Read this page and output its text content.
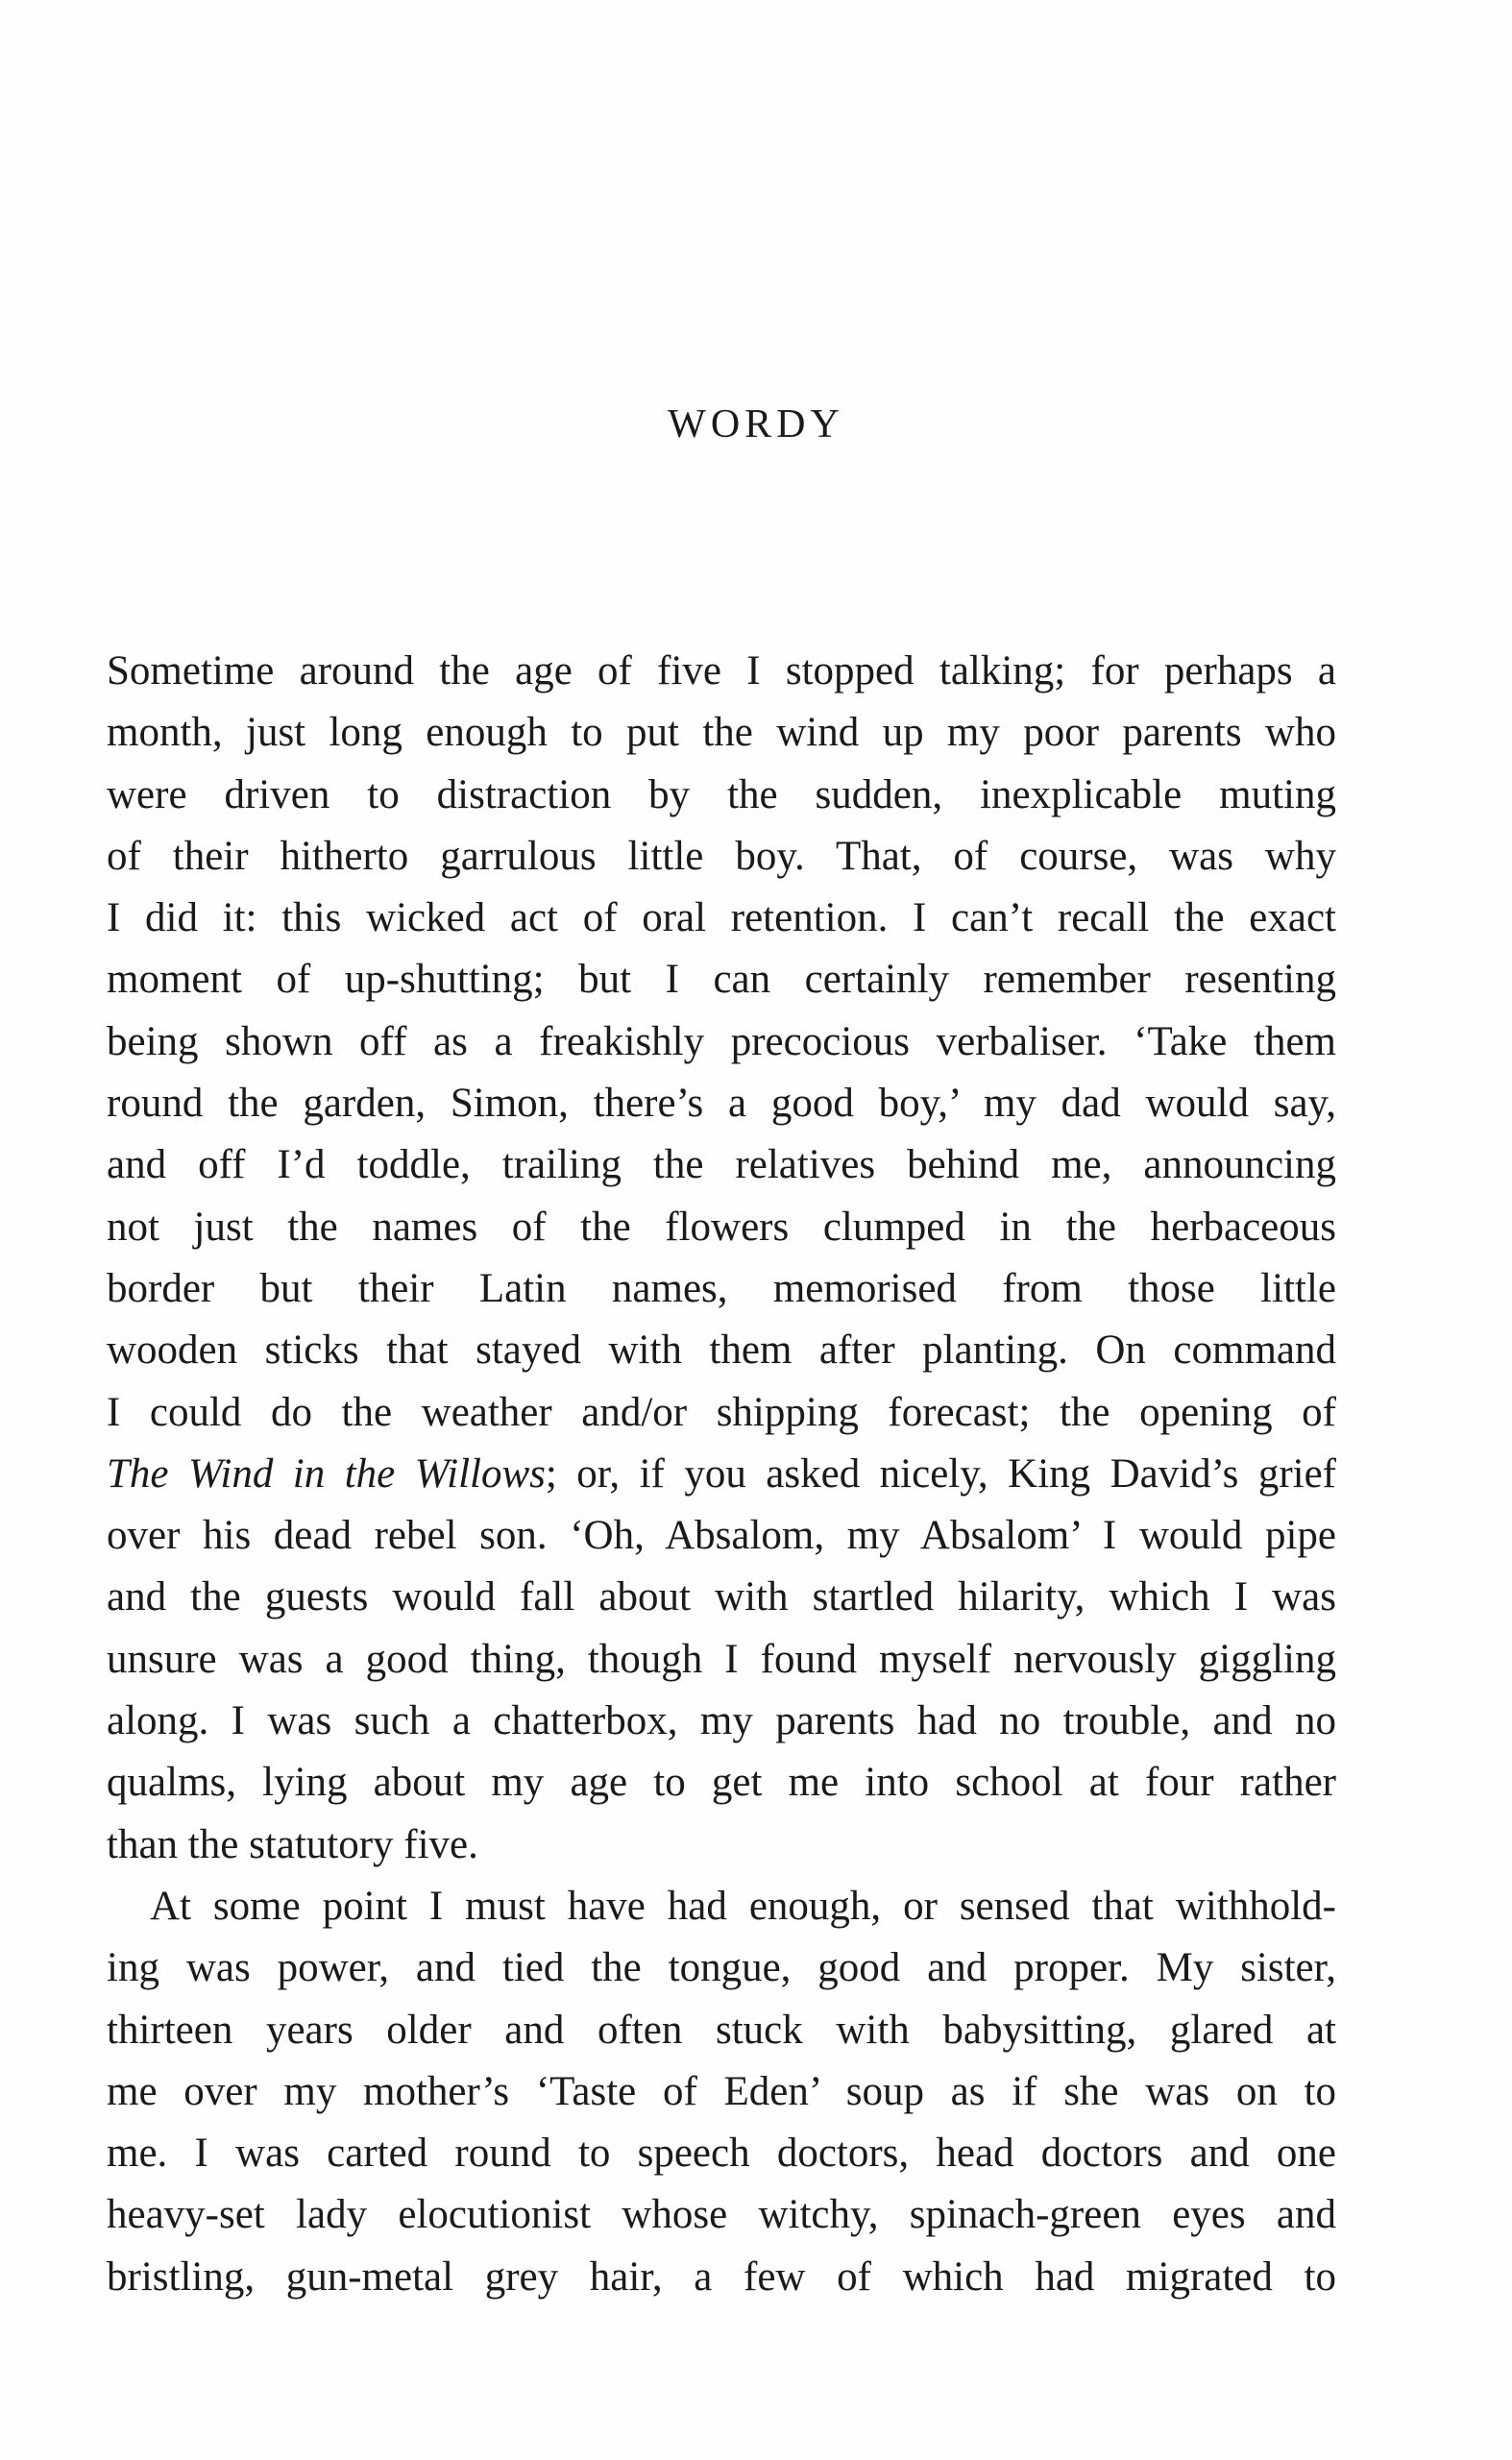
WORDY

Sometime around the age of five I stopped talking; for perhaps a
month, just long enough to put the wind up my poor parents who
were driven to distraction by the sudden, inexplicable muting
of their hitherto garrulous little boy. That, of course, was why
I did it: this wicked act of oral retention. I can’t recall the exact
moment of up-shutting; but I can certainly remember resenting
being shown off as a freakishly precocious verbaliser. ‘Take them
round the garden, Simon, there’s a good boy,’ my dad would say,
and off I’d toddle, trailing the relatives behind me, announcing
not just the names of the flowers clumped in the herbaceous
border but their Latin names, memorised from those little
wooden sticks that stayed with them after planting. On command
I could do the weather and/or shipping forecast; the opening of
The Wind in the Willows; or, if you asked nicely, King David’s grief
over his dead rebel son. ‘Oh, Absalom, my Absalom’ I would pipe
and the guests would fall about with startled hilarity, which I was
unsure was a good thing, though I found myself nervously giggling
along. I was such a chatterbox, my parents had no trouble, and no
qualms, lying about my age to get me into school at four rather
than the statutory five.

At some point I must have had enough, or sensed that withhold-
ing was power, and tied the tongue, good and proper. My sister,
thirteen years older and often stuck with babysitting, glared at
me over my mother’s ‘Taste of Eden’ soup as if she was on to
me. I was carted round to speech doctors, head doctors and one
heavy-set lady elocutionist whose witchy, spinach-green eyes and
bristling, gun-metal grey hair, a few of which had migrated to
